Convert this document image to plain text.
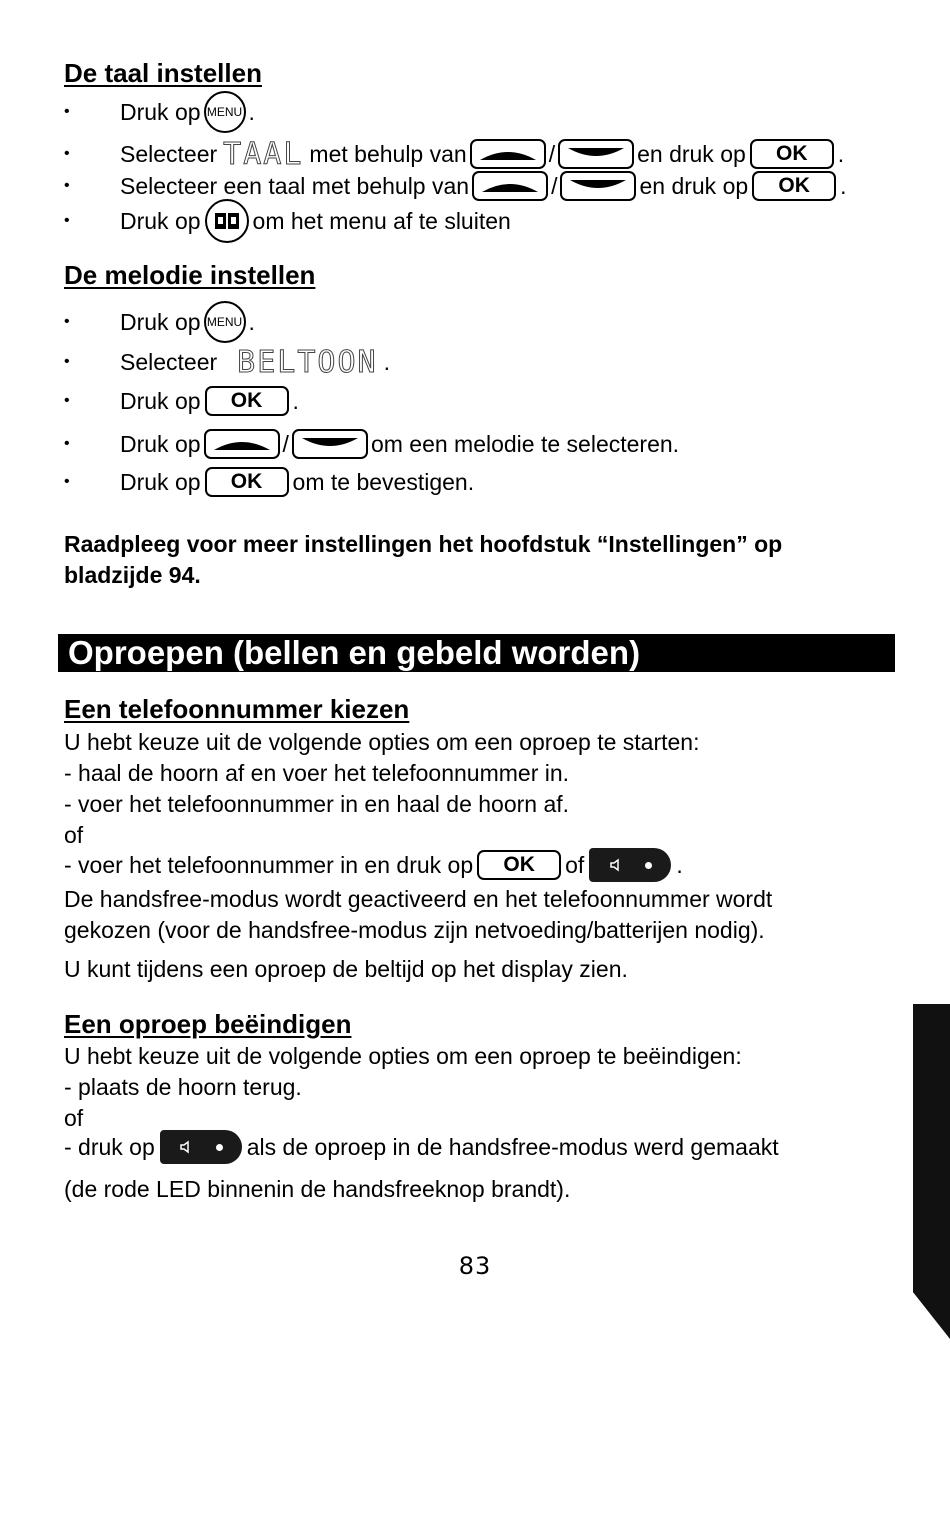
De taal instellen
•	Druk op MENU .
•	Selecteer TAAL met behulp van	/	en druk op	OK	.
•	Selecteer een taal met behulp van	/	en druk op	OK	.
•	Druk op om het menu af te sluiten
De melodie instellen
•	Druk op MENU .
•	Selecteer BELTOON .
•	Druk op	OK	.
•	Druk op	/	om een melodie te selecteren.
•	Druk op	OK	om te bevestigen.
Raadpleeg voor meer instellingen het hoofdstuk “Instellingen” op bladzijde 94.
Oproepen (bellen en gebeld worden)
Een telefoonnummer kiezen
U hebt keuze uit de volgende opties om een oproep te starten:
- haal de hoorn af en voer het telefoonnummer in.
- voer het telefoonnummer in en haal de hoorn af.
of
- voer het telefoonnummer in en druk op	OK	of	.
De handsfree-modus wordt geactiveerd en het telefoonnummer wordt
gekozen (voor de handsfree-modus zijn netvoeding/batterijen nodig).
U kunt tijdens een oproep de beltijd op het display zien.
Een oproep beëindigen
U hebt keuze uit de volgende opties om een oproep te beëindigen:
- plaats de hoorn terug.
of
- druk op	als de oproep in de handsfree-modus werd gemaakt
(de rode LED binnenin de handsfreeknop brandt).
83
Nederlands
